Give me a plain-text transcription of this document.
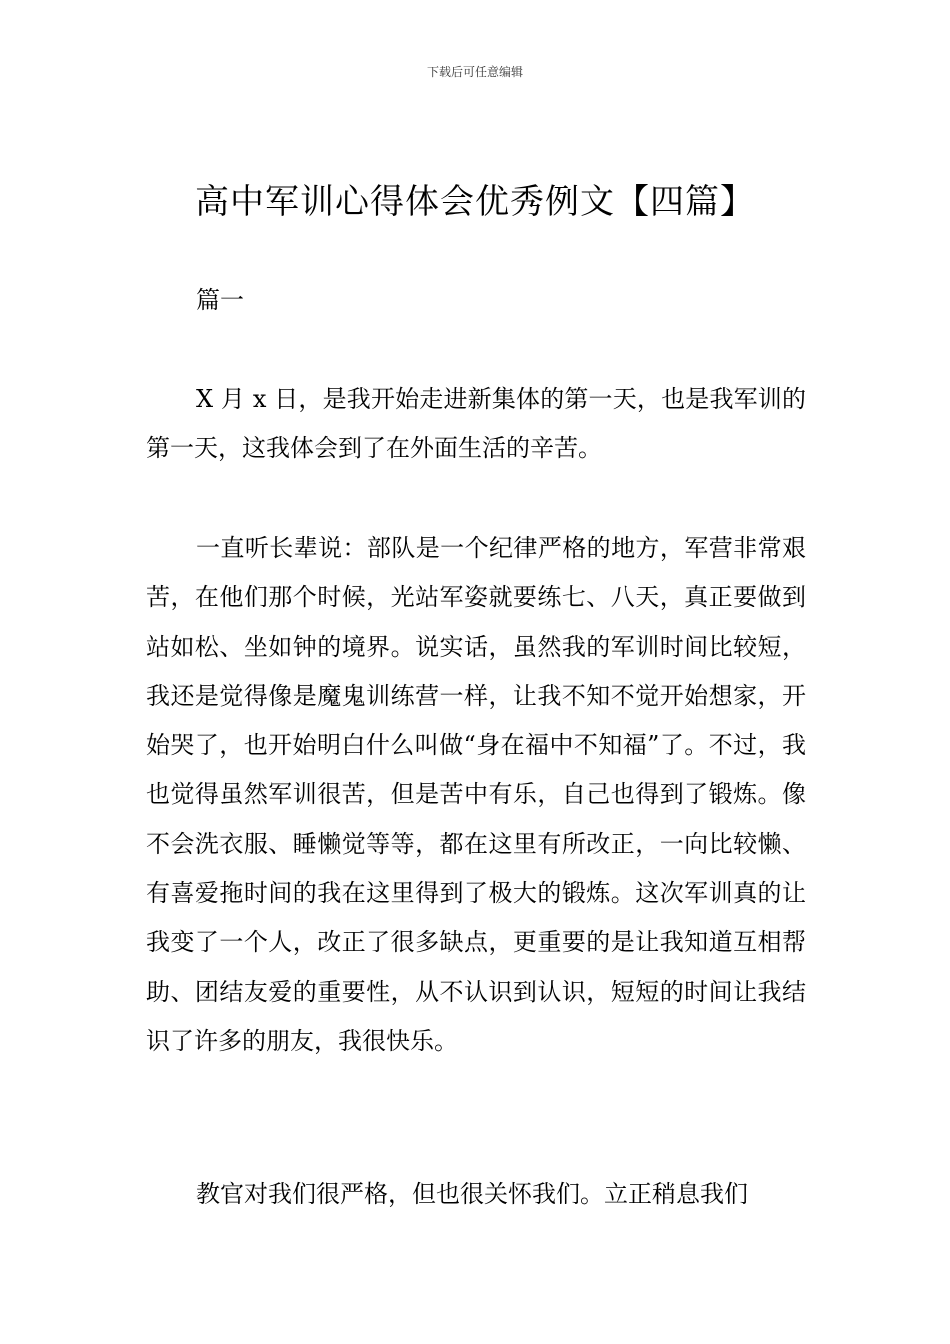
下载后可任意编辑
高中军训心得体会优秀例文【四篇】
篇一

X 月 x 日，是我开始走进新集体的第一天，也是我军训的第一天，这我体会到了在外面生活的辛苦。

一直听长辈说：部队是一个纪律严格的地方，军营非常艰苦，在他们那个时候，光站军姿就要练七、八天，真正要做到站如松、坐如钟的境界。说实话，虽然我的军训时间比较短，我还是觉得像是魔鬼训练营一样，让我不知不觉开始想家，开始哭了，也开始明白什么叫做“身在福中不知福”了。不过，我也觉得虽然军训很苦，但是苦中有乐，自己也得到了锻炼。像不会洗衣服、睡懒觉等等，都在这里有所改正，一向比较懒、有喜爱拖时间的我在这里得到了极大的锻炼。这次军训真的让我变了一个人，改正了很多缺点，更重要的是让我知道互相帮助、团结友爱的重要性，从不认识到认识，短短的时间让我结识了许多的朋友，我很快乐。

教官对我们很严格，但也很关怀我们。立正稍息我们
